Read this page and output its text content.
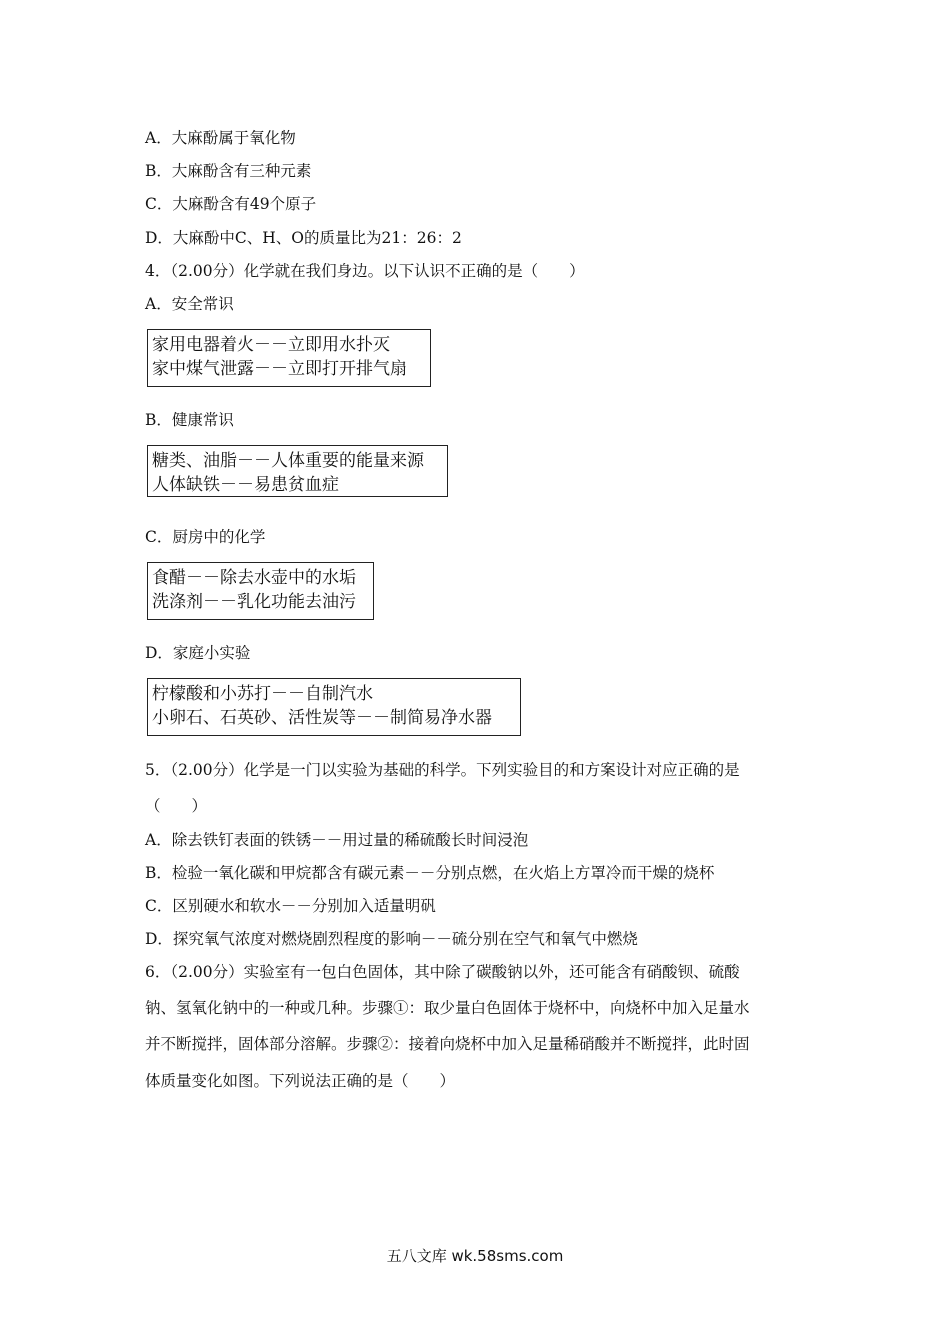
A．大麻酚属于氧化物
B．大麻酚含有三种元素
C．大麻酚含有49个原子
D．大麻酚中C、H、O的质量比为21：26：2
4．（2.00分）化学就在我们身边。以下认识不正确的是（　　）
A．安全常识
家用电器着火－－立即用水扑灭
家中煤气泄露－－立即打开排气扇
B．健康常识
糖类、油脂－－人体重要的能量来源
人体缺铁－－易患贫血症
C．厨房中的化学
食醋－－除去水壶中的水垢
洗涤剂－－乳化功能去油污
D．家庭小实验
柠檬酸和小苏打－－自制汽水
小卵石、石英砂、活性炭等－－制简易净水器
5．（2.00分）化学是一门以实验为基础的科学。下列实验目的和方案设计对应正确的是
（　　）
A．除去铁钉表面的铁锈－－用过量的稀硫酸长时间浸泡
B．检验一氧化碳和甲烷都含有碳元素－－分别点燃，在火焰上方罩冷而干燥的烧杯
C．区别硬水和软水－－分别加入适量明矾
D．探究氧气浓度对燃烧剧烈程度的影响－－硫分别在空气和氧气中燃烧
6．（2.00分）实验室有一包白色固体，其中除了碳酸钠以外，还可能含有硝酸钡、硫酸
钠、氢氧化钠中的一种或几种。步骤①：取少量白色固体于烧杯中，向烧杯中加入足量水
并不断搅拌，固体部分溶解。步骤②：接着向烧杯中加入足量稀硝酸并不断搅拌，此时固
体质量变化如图。下列说法正确的是（　　）
五八文库 wk.58sms.com
